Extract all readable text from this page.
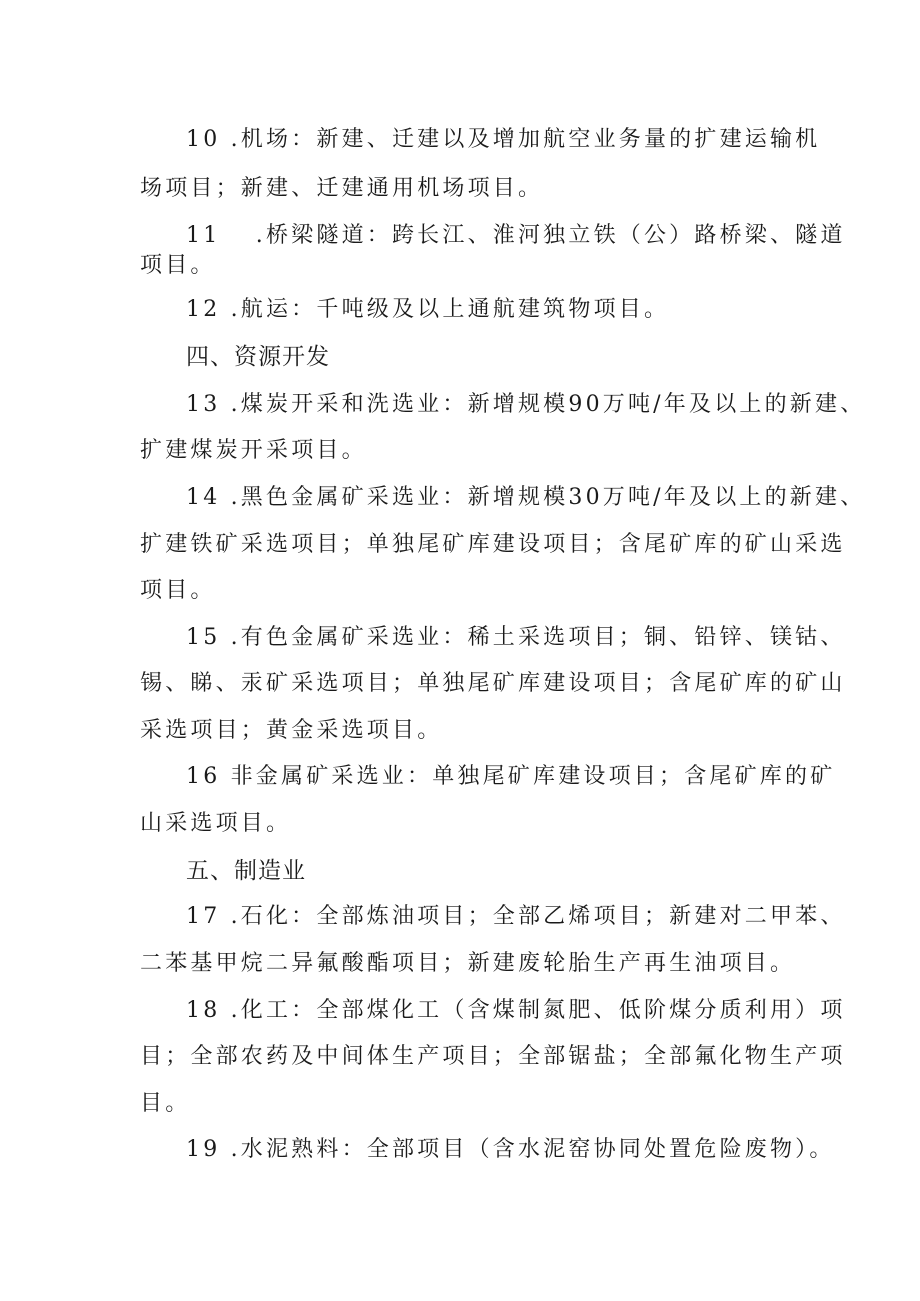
10 .机场：新建、迁建以及增加航空业务量的扩建运输机
场项目；新建、迁建通用机场项目。
11 　.桥梁隧道：跨长江、淮河独立铁（公）路桥梁、隧道
项目。
12 .航运：千吨级及以上通航建筑物项目。
四、资源开发
13 .煤炭开采和洗选业：新增规模90万吨/年及以上的新建、
扩建煤炭开采项目。
14 .黑色金属矿采选业：新增规模30万吨/年及以上的新建、
扩建铁矿采选项目；单独尾矿库建设项目；含尾矿库的矿山采选
项目。
15 .有色金属矿采选业：稀土采选项目；铜、铅锌、镁钴、
锡、睇、汞矿采选项目；单独尾矿库建设项目；含尾矿库的矿山
采选项目；黄金采选项目。
16 非金属矿采选业：单独尾矿库建设项目；含尾矿库的矿
山采选项目。
五、制造业
17 .石化：全部炼油项目；全部乙烯项目；新建对二甲苯、
二苯基甲烷二异氟酸酯项目；新建废轮胎生产再生油项目。
18 .化工：全部煤化工（含煤制氮肥、低阶煤分质利用）项
目；全部农药及中间体生产项目；全部锯盐；全部氟化物生产项
目。
19 .水泥熟料：全部项目（含水泥窑协同处置危险废物）。
